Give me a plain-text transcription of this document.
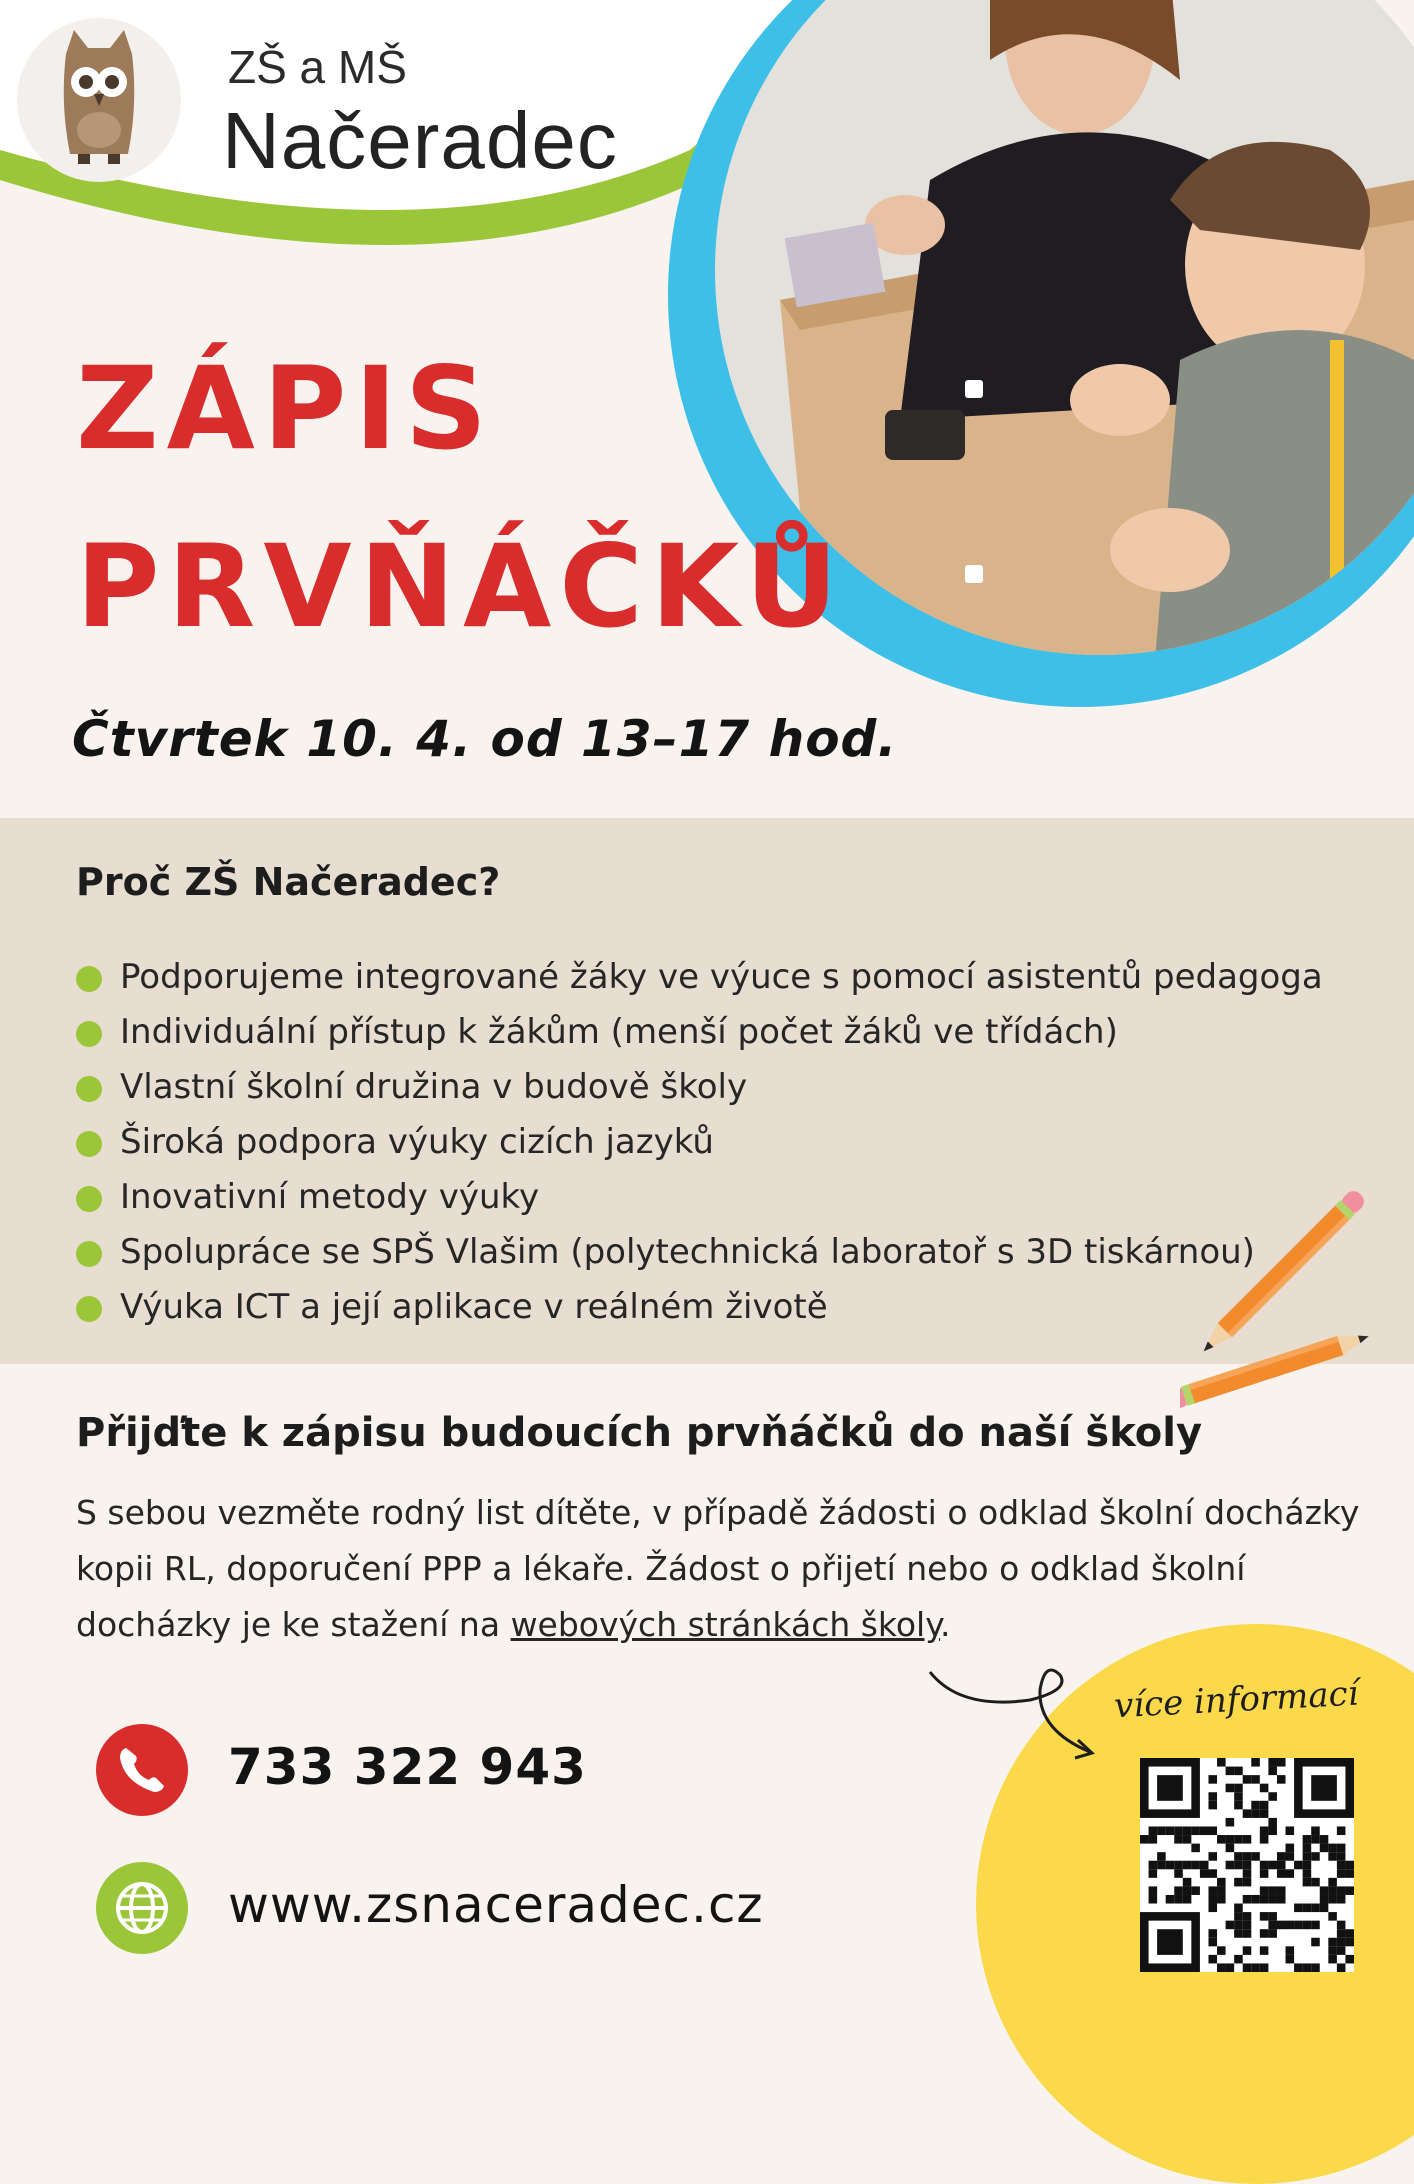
ZŠ a MŠ
Načeradec
ZÁPIS
PRVŇÁČKŮ
Čtvrtek 10. 4. od 13–17 hod.
Proč ZŠ Načeradec?
Podporujeme integrované žáky ve výuce s pomocí asistentů pedagoga
Individuální přístup k žákům (menší počet žáků ve třídách)
Vlastní školní družina v budově školy
Široká podpora výuky cizích jazyků
Inovativní metody výuky
Spolupráce se SPŠ Vlašim (polytechnická laboratoř s 3D tiskárnou)
Výuka ICT a její aplikace v reálném životě
Přijďte k zápisu budoucích prvňáčků do naší školy
S sebou vezměte rodný list dítěte, v případě žádosti o odklad školní docházky kopii RL, doporučení PPP a lékaře. Žádost o přijetí nebo o odklad školní docházky je ke stažení na webových stránkách školy.
více informací
733 322 943
www.zsnaceradec.cz
